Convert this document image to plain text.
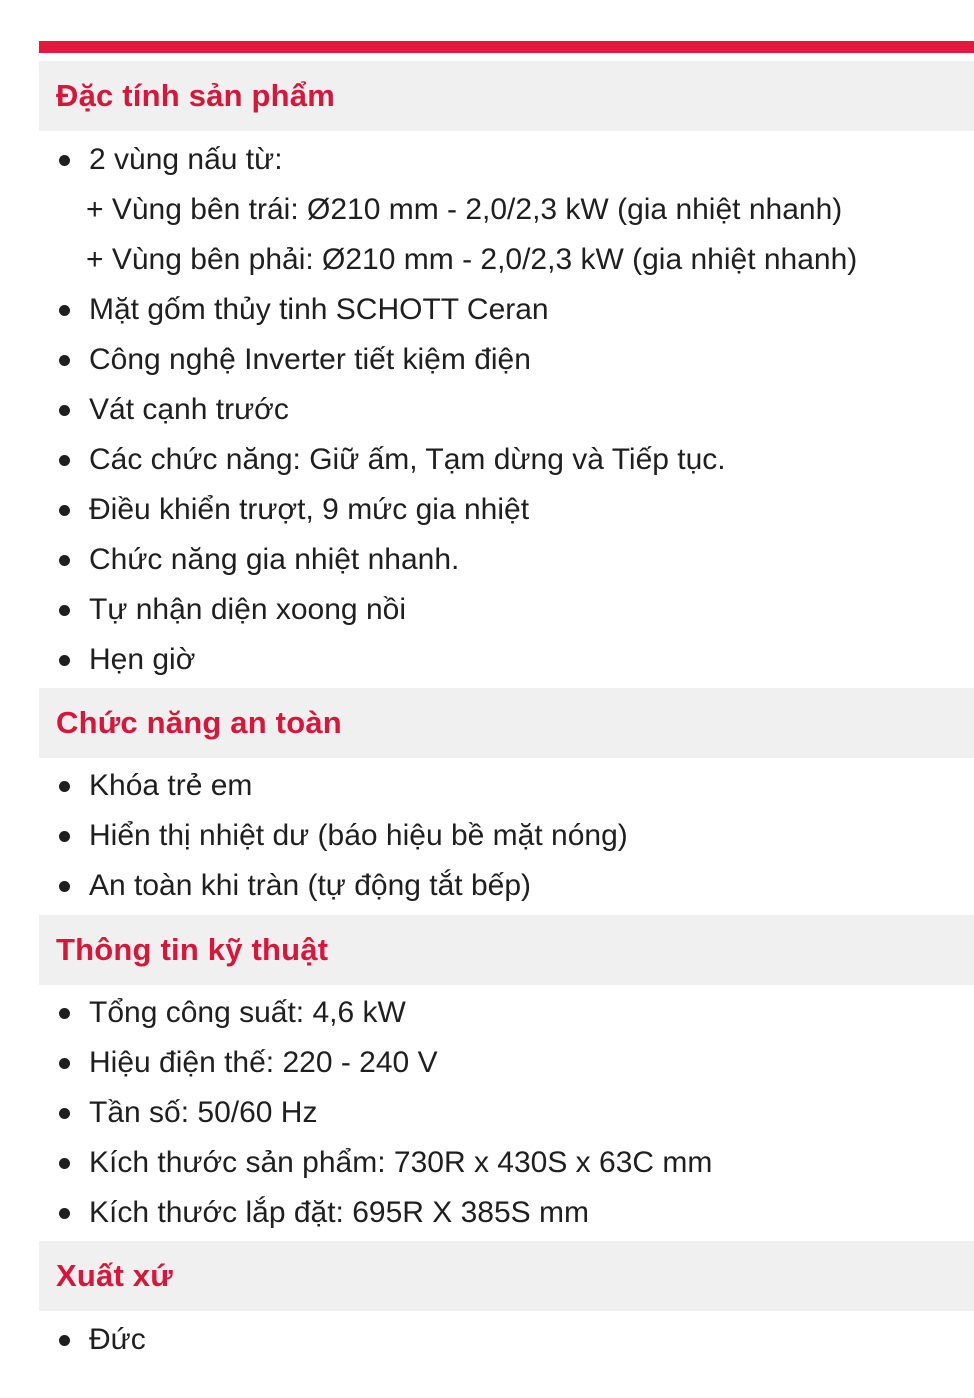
Đặc tính sản phẩm
2 vùng nấu từ:
+ Vùng bên trái: Ø210 mm - 2,0/2,3 kW (gia nhiệt nhanh)
+ Vùng bên phải: Ø210 mm - 2,0/2,3 kW (gia nhiệt nhanh)
Mặt gốm thủy tinh SCHOTT Ceran
Công nghệ Inverter tiết kiệm điện
Vát cạnh trước
Các chức năng: Giữ ấm, Tạm dừng và Tiếp tục.
Điều khiển trượt, 9 mức gia nhiệt
Chức năng gia nhiệt nhanh.
Tự nhận diện xoong nồi
Hẹn giờ
Chức năng an toàn
Khóa trẻ em
Hiển thị nhiệt dư (báo hiệu bề mặt nóng)
An toàn khi tràn (tự động tắt bếp)
Thông tin kỹ thuật
Tổng công suất: 4,6 kW
Hiệu điện thế: 220 - 240 V
Tần số: 50/60 Hz
Kích thước sản phẩm: 730R x 430S x 63C mm
Kích thước lắp đặt: 695R X 385S mm
Xuất xứ
Đức
